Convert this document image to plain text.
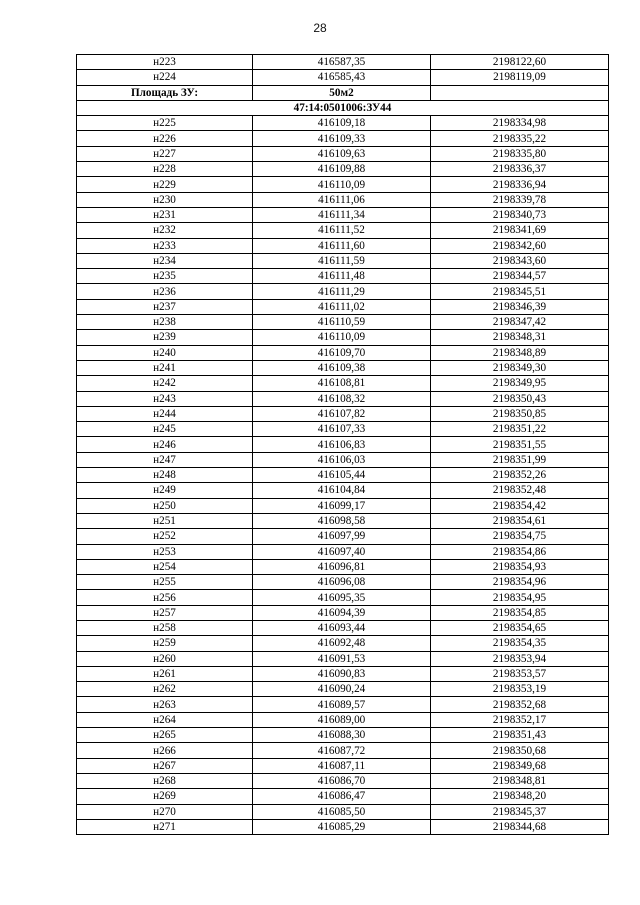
28
н223	416587,35	2198122,60
н224	416585,43	2198119,09
Площадь ЗУ:	50м2	
47:14:0501006:ЗУ44		
н225	416109,18	2198334,98
н226	416109,33	2198335,22
н227	416109,63	2198335,80
н228	416109,88	2198336,37
н229	416110,09	2198336,94
н230	416111,06	2198339,78
н231	416111,34	2198340,73
н232	416111,52	2198341,69
н233	416111,60	2198342,60
н234	416111,59	2198343,60
н235	416111,48	2198344,57
н236	416111,29	2198345,51
н237	416111,02	2198346,39
н238	416110,59	2198347,42
н239	416110,09	2198348,31
н240	416109,70	2198348,89
н241	416109,38	2198349,30
н242	416108,81	2198349,95
н243	416108,32	2198350,43
н244	416107,82	2198350,85
н245	416107,33	2198351,22
н246	416106,83	2198351,55
н247	416106,03	2198351,99
н248	416105,44	2198352,26
н249	416104,84	2198352,48
н250	416099,17	2198354,42
н251	416098,58	2198354,61
н252	416097,99	2198354,75
н253	416097,40	2198354,86
н254	416096,81	2198354,93
н255	416096,08	2198354,96
н256	416095,35	2198354,95
н257	416094,39	2198354,85
н258	416093,44	2198354,65
н259	416092,48	2198354,35
н260	416091,53	2198353,94
н261	416090,83	2198353,57
н262	416090,24	2198353,19
н263	416089,57	2198352,68
н264	416089,00	2198352,17
н265	416088,30	2198351,43
н266	416087,72	2198350,68
н267	416087,11	2198349,68
н268	416086,70	2198348,81
н269	416086,47	2198348,20
н270	416085,50	2198345,37
н271	416085,29	2198344,68
